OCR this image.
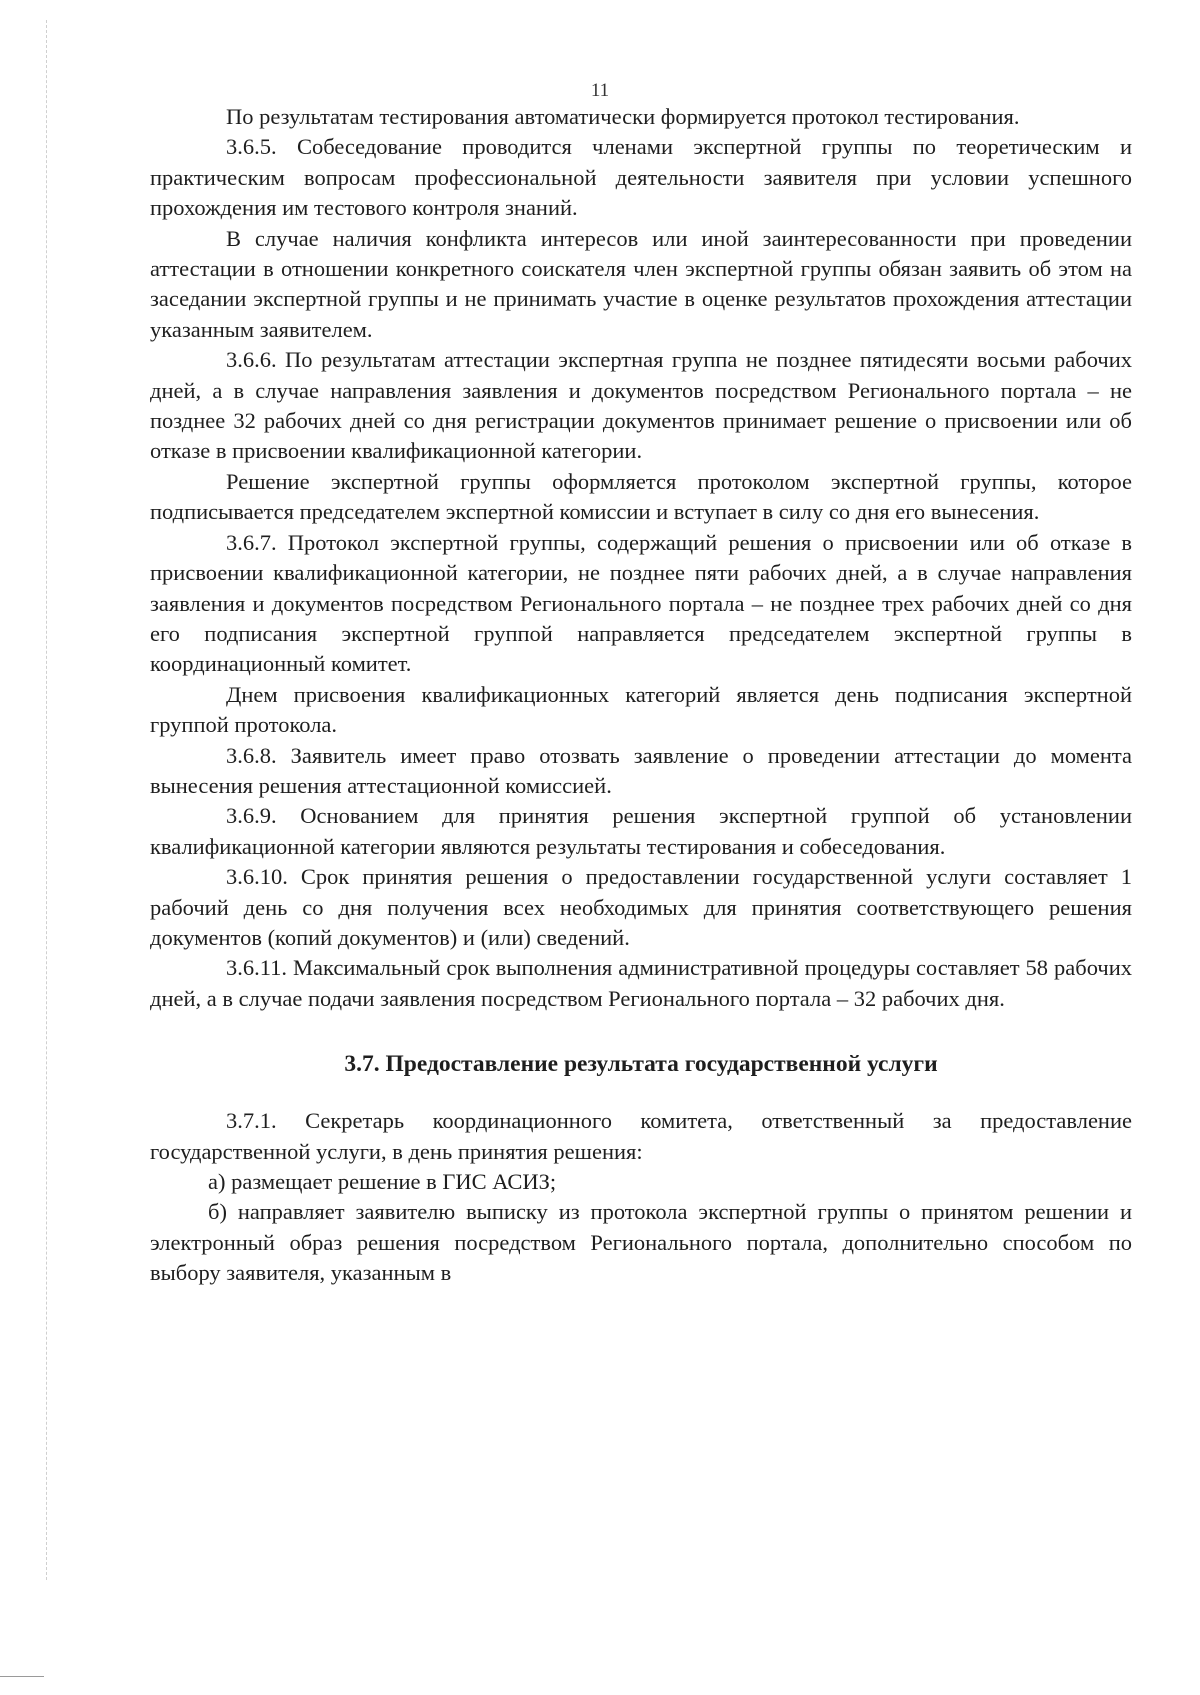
11

По результатам тестирования автоматически формируется протокол тестирования.

3.6.5. Собеседование проводится членами экспертной группы по теоретическим и практическим вопросам профессиональной деятельности заявителя при условии успешного прохождения им тестового контроля знаний.

В случае наличия конфликта интересов или иной заинтересованности при проведении аттестации в отношении конкретного соискателя член экспертной группы обязан заявить об этом на заседании экспертной группы и не принимать участие в оценке результатов прохождения аттестации указанным заявителем.

3.6.6. По результатам аттестации экспертная группа не позднее пятидесяти восьми рабочих дней, а в случае направления заявления и документов посредством Регионального портала – не позднее 32 рабочих дней со дня регистрации документов принимает решение о присвоении или об отказе в присвоении квалификационной категории.

Решение экспертной группы оформляется протоколом экспертной группы, которое подписывается председателем экспертной комиссии и вступает в силу со дня его вынесения.

3.6.7. Протокол экспертной группы, содержащий решения о присвоении или об отказе в присвоении квалификационной категории, не позднее пяти рабочих дней, а в случае направления заявления и документов посредством Регионального портала – не позднее трех рабочих дней со дня его подписания экспертной группой направляется председателем экспертной группы в координационный комитет.

Днем присвоения квалификационных категорий является день подписания экспертной группой протокола.

3.6.8. Заявитель имеет право отозвать заявление о проведении аттестации до момента вынесения решения аттестационной комиссией.

3.6.9. Основанием для принятия решения экспертной группой об установлении квалификационной категории являются результаты тестирования и собеседования.

3.6.10. Срок принятия решения о предоставлении государственной услуги составляет 1 рабочий день со дня получения всех необходимых для принятия соответствующего решения документов (копий документов) и (или) сведений.

3.6.11. Максимальный срок выполнения административной процедуры составляет 58 рабочих дней, а в случае подачи заявления посредством Регионального портала – 32 рабочих дня.

3.7. Предоставление результата государственной услуги

3.7.1. Секретарь координационного комитета, ответственный за предоставление государственной услуги, в день принятия решения:

а) размещает решение в ГИС АСИЗ;

б) направляет заявителю выписку из протокола экспертной группы о принятом решении и электронный образ решения посредством Регионального портала, дополнительно способом по выбору заявителя, указанным в
